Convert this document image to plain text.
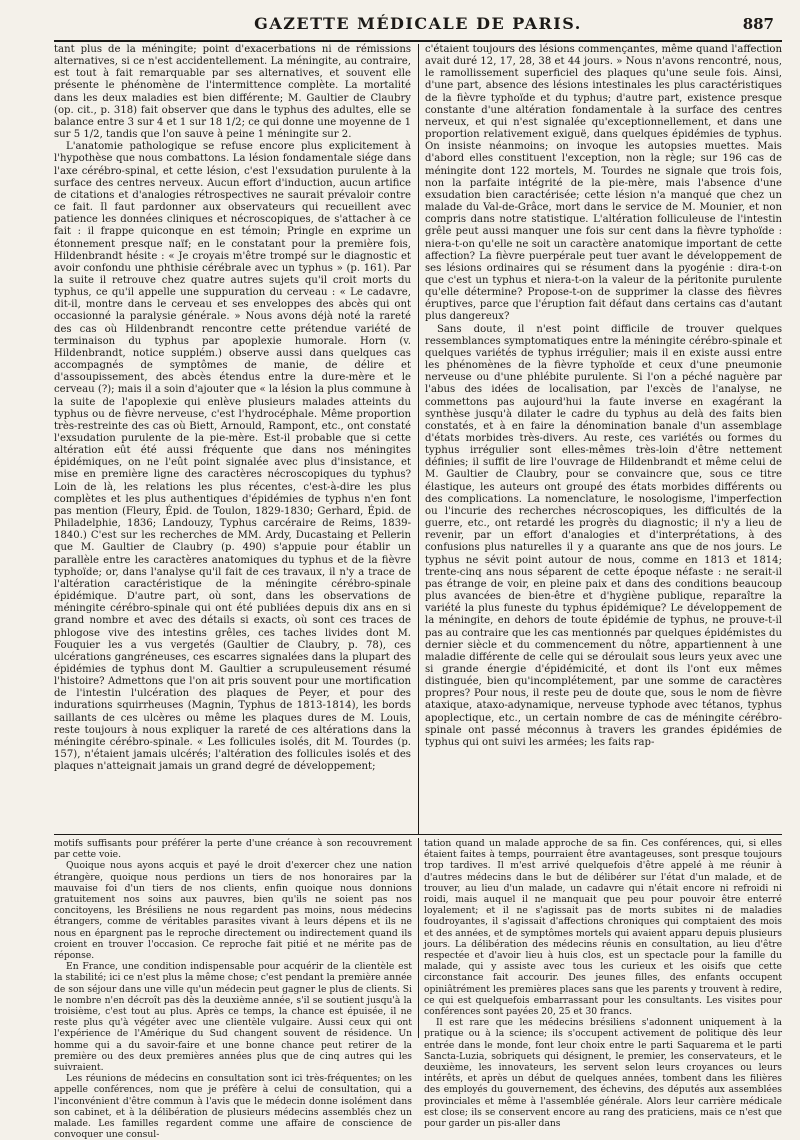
GAZETTE MÉDICALE DE PARIS.	887

tant plus de la méningite; point d'exacerbations ni de rémissions alternatives, si ce n'est accidentellement. La méningite, au contraire, est tout à fait remarquable par ses alternatives, et souvent elle présente le phénomène de l'intermittence complète. La mortalité dans les deux maladies est bien différente; M. Gaultier de Claubry (op. cit., p. 318) fait observer que dans le typhus des adultes, elle se balance entre 3 sur 4 et 1 sur 18 1/2; ce qui donne une moyenne de 1 sur 5 1/2, tandis que l'on sauve à peine 1 méningite sur 2.

L'anatomie pathologique se refuse encore plus explicitement à l'hypothèse que nous combattons. La lésion fondamentale siége dans l'axe cérébro-spinal, et cette lésion, c'est l'exsudation purulente à la surface des centres nerveux. Aucun effort d'induction, aucun artifice de citations et d'analogies rétrospectives ne saurait prévaloir contre ce fait. Il faut pardonner aux observateurs qui recueillent avec patience les données cliniques et nécroscopiques, de s'attacher à ce fait : il frappe quiconque en est témoin; Pringle en exprime un étonnement presque naïf; en le constatant pour la première fois, Hildenbrandt hésite : « Je croyais m'être trompé sur le diagnostic et avoir confondu une phthisie cérébrale avec un typhus » (p. 161). Par la suite il retrouve chez quatre autres sujets qu'il croit morts du typhus, ce qu'il appelle une suppuration du cerveau : « Le cadavre, dit-il, montre dans le cerveau et ses enveloppes des abcès qui ont occasionné la paralysie générale. » Nous avons déjà noté la rareté des cas où Hildenbrandt rencontre cette prétendue variété de terminaison du typhus par apoplexie humorale. Horn (v. Hildenbrandt, notice supplém.) observe aussi dans quelques cas accompagnés de symptômes de manie, de délire et d'assoupissement, des abcès étendus entre la dure-mère et le cerveau (?); mais il a soin d'ajouter que « la lésion la plus commune à la suite de l'apoplexie qui enlève plusieurs malades atteints du typhus ou de fièvre nerveuse, c'est l'hydrocéphale. Même proportion très-restreinte des cas où Biett, Arnould, Rampont, etc., ont constaté l'exsudation purulente de la pie-mère. Est-il probable que si cette altération eût été aussi fréquente que dans nos méningites épidémiques, on ne l'eût point signalée avec plus d'insistance, et mise en première ligne des caractères nécroscopiques du typhus? Loin de là, les relations les plus récentes, c'est-à-dire les plus complètes et les plus authentiques d'épidémies de typhus n'en font pas mention (Fleury, Épid. de Toulon, 1829-1830; Gerhard, Épid. de Philadelphie, 1836; Landouzy, Typhus carcéraire de Reims, 1839-1840.) C'est sur les recherches de MM. Ardy, Ducastaing et Pellerin que M. Gaultier de Claubry (p. 490) s'appuie pour établir un parallèle entre les caractères anatomiques du typhus et de la fièvre typhoïde; or, dans l'analyse qu'il fait de ces travaux, il n'y a trace de l'altération caractéristique de la méningite cérébro-spinale épidémique. D'autre part, où sont, dans les observations de méningite cérébro-spinale qui ont été publiées depuis dix ans en si grand nombre et avec des détails si exacts, où sont ces traces de phlogose vive des intestins grêles, ces taches livides dont M. Fouquier les a vus vergetés (Gaultier de Claubry, p. 78), ces ulcérations gangréneuses, ces escarres signalées dans la plupart des épidémies de typhus dont M. Gaultier a scrupuleusement résumé l'histoire? Admettons que l'on ait pris souvent pour une mortification de l'intestin l'ulcération des plaques de Peyer, et pour des indurations squirrheuses (Magnin, Typhus de 1813-1814), les bords saillants de ces ulcères ou même les plaques dures de M. Louis, reste toujours à nous expliquer la rareté de ces altérations dans la méningite cérébro-spinale. « Les follicules isolés, dit M. Tourdes (p. 157), n'étaient jamais ulcérés; l'altération des follicules isolés et des plaques n'atteignait jamais un grand degré de développement;

c'étaient toujours des lésions commençantes, même quand l'affection avait duré 12, 17, 28, 38 et 44 jours. » Nous n'avons rencontré, nous, le ramollissement superficiel des plaques qu'une seule fois. Ainsi, d'une part, absence des lésions intestinales les plus caractéristiques de la fièvre typhoïde et du typhus; d'autre part, existence presque constante d'une altération fondamentale à la surface des centres nerveux, et qui n'est signalée qu'exceptionnellement, et dans une proportion relativement exiguë, dans quelques épidémies de typhus. On insiste néanmoins; on invoque les autopsies muettes. Mais d'abord elles constituent l'exception, non la règle; sur 196 cas de méningite dont 122 mortels, M. Tourdes ne signale que trois fois, non la parfaite intégrité de la pie-mère, mais l'absence d'une exsudation bien caractérisée; cette lésion n'a manqué que chez un malade du Val-de-Grâce, mort dans le service de M. Mounier, et non compris dans notre statistique. L'altération folliculeuse de l'intestin grêle peut aussi manquer une fois sur cent dans la fièvre typhoïde : niera-t-on qu'elle ne soit un caractère anatomique important de cette affection? La fièvre puerpérale peut tuer avant le développement de ses lésions ordinaires qui se résument dans la pyogénie : dira-t-on que c'est un typhus et niera-t-on la valeur de la péritonite purulente qu'elle détermine? Propose-t-on de supprimer la classe des fièvres éruptives, parce que l'éruption fait défaut dans certains cas d'autant plus dangereux?

Sans doute, il n'est point difficile de trouver quelques ressemblances symptomatiques entre la méningite cérébro-spinale et quelques variétés de typhus irrégulier; mais il en existe aussi entre les phénomènes de la fièvre typhoïde et ceux d'une pneumonie nerveuse ou d'une phlébite purulente. Si l'on a péché naguère par l'abus des idées de localisation, par l'excès de l'analyse, ne commettons pas aujourd'hui la faute inverse en exagérant la synthèse jusqu'à dilater le cadre du typhus au delà des faits bien constatés, et à en faire la dénomination banale d'un assemblage d'états morbides très-divers. Au reste, ces variétés ou formes du typhus irrégulier sont elles-mêmes très-loin d'être nettement définies; il suffit de lire l'ouvrage de Hildenbrandt et même celui de M. Gaultier de Claubry, pour se convaincre que, sous ce titre élastique, les auteurs ont groupé des états morbides différents ou des complications. La nomenclature, le nosologisme, l'imperfection ou l'incurie des recherches nécroscopiques, les difficultés de la guerre, etc., ont retardé les progrès du diagnostic; il n'y a lieu de revenir, par un effort d'analogies et d'interprétations, à des confusions plus naturelles il y a quarante ans que de nos jours. Le typhus ne sévit point autour de nous, comme en 1813 et 1814; trente-cinq ans nous séparent de cette époque néfaste : ne serait-il pas étrange de voir, en pleine paix et dans des conditions beaucoup plus avancées de bien-être et d'hygiène publique, reparaître la variété la plus funeste du typhus épidémique? Le développement de la méningite, en dehors de toute épidémie de typhus, ne prouve-t-il pas au contraire que les cas mentionnés par quelques épidémistes du dernier siècle et du commencement du nôtre, appartiennent à une maladie différente de celle qui se déroulait sous leurs yeux avec une si grande énergie d'épidémicité, et dont ils l'ont eux mêmes distinguée, bien qu'incomplétement, par une somme de caractères propres? Pour nous, il reste peu de doute que, sous le nom de fièvre ataxique, ataxo-adynamique, nerveuse typhode avec tétanos, typhus apoplectique, etc., un certain nombre de cas de méningite cérébro-spinale ont passé méconnus à travers les grandes épidémies de typhus qui ont suivi les armées; les faits rap-

motifs suffisants pour préférer la perte d'une créance à son recouvrement par cette voie.

Quoique nous ayons acquis et payé le droit d'exercer chez une nation étrangère, quoique nous perdions un tiers de nos honoraires par la mauvaise foi d'un tiers de nos clients, enfin quoique nous donnions gratuitement nos soins aux pauvres, bien qu'ils ne soient pas nos concitoyens, les Brésiliens ne nous regardent pas moins, nous médecins étrangers, comme de véritables parasites vivant à leurs dépens et ils ne nous en épargnent pas le reproche directement ou indirectement quand ils croient en trouver l'occasion. Ce reproche fait pitié et ne mérite pas de réponse.

En France, une condition indispensable pour acquérir de la clientèle est la stabilité; ici ce n'est plus la même chose; c'est pendant la première année de son séjour dans une ville qu'un médecin peut gagner le plus de clients. Si le nombre n'en décroît pas dès la deuxième année, s'il se soutient jusqu'à la troisième, c'est tout au plus. Après ce temps, la chance est épuisée, il ne reste plus qu'à végéter avec une clientèle vulgaire. Aussi ceux qui ont l'expérience de l'Amérique du Sud changent souvent de résidence. Un homme qui a du savoir-faire et une bonne chance peut retirer de la première ou des deux premières années plus que de cinq autres qui les suivraient.

Les réunions de médecins en consultation sont ici très-fréquentes; on les appelle conférences, nom que je préfère à celui de consultation, qui a l'inconvénient d'être commun à l'avis que le médecin donne isolément dans son cabinet, et à la délibération de plusieurs médecins assemblés chez un malade. Les familles regardent comme une affaire de conscience de convoquer une consul-

tation quand un malade approche de sa fin. Ces conférences, qui, si elles étaient faites à temps, pourraient être avantageuses, sont presque toujours trop tardives. Il m'est arrivé quelquefois d'être appelé à me réunir à d'autres médecins dans le but de délibérer sur l'état d'un malade, et de trouver, au lieu d'un malade, un cadavre qui n'était encore ni refroidi ni roidi, mais auquel il ne manquait que peu pour pouvoir être enterré loyalement; et il ne s'agissait pas de morts subites ni de maladies foudroyantes, il s'agissait d'affections chroniques qui comptaient des mois et des années, et de symptômes mortels qui avaient apparu depuis plusieurs jours. La délibération des médecins réunis en consultation, au lieu d'être respectée et d'avoir lieu à huis clos, est un spectacle pour la famille du malade, qui y assiste avec tous les curieux et les oisifs que cette circonstance fait accourir. Des jeunes filles, des enfants occupent opiniâtrément les premières places sans que les parents y trouvent à redire, ce qui est quelquefois embarrassant pour les consultants. Les visites pour conférences sont payées 20, 25 et 30 francs.

Il est rare que les médecins brésiliens s'adonnent uniquement à la pratique ou à la science; ils s'occupent activement de politique dès leur entrée dans le monde, font leur choix entre le parti Saquarema et le parti Sancta-Luzia, sobriquets qui désignent, le premier, les conservateurs, et le deuxième, les innovateurs, les servent selon leurs croyances ou leurs intérêts, et après un début de quelques années, tombent dans les filières des employés du gouvernement, des échevins, des députés aux assemblées provinciales et même à l'assemblée générale. Alors leur carrière médicale est close; ils se conservent encore au rang des praticiens, mais ce n'est que pour garder un pis-aller dans
